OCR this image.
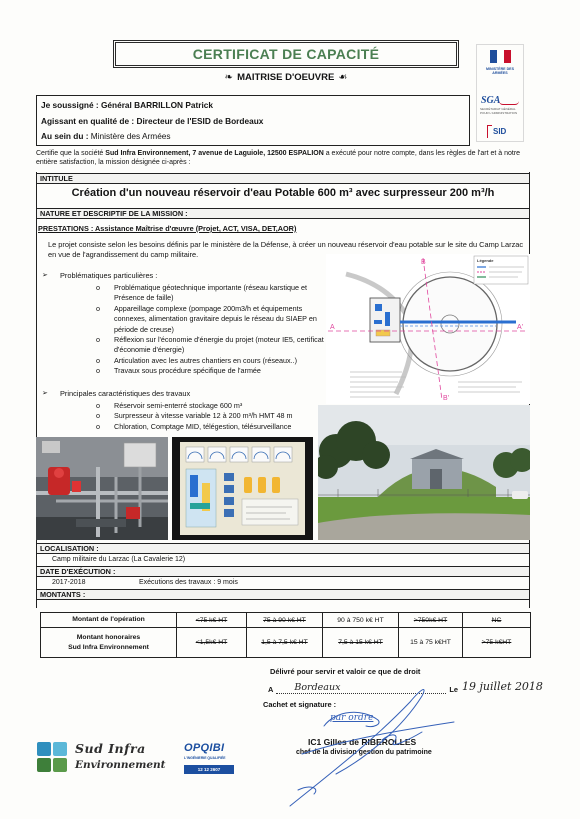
CERTIFICAT DE CAPACITÉ
❧ MAITRISE D'OEUVRE ☙
MINISTÈRE DES ARMÉES
SGA
SECRÉTARIAT GÉNÉRAL POUR L'ADMINISTRATION
SID
Je soussigné : Général BARRILLON Patrick
Agissant en qualité de : Directeur de l'ESID de Bordeaux
Au sein du : Ministère des Armées
Certifie que la société Sud Infra Environnement, 7 avenue de Laguiole, 12500 ESPALION a exécuté pour notre compte, dans les règles de l'art et à notre entière satisfaction, la mission désignée ci-après :
INTITULE
Création d'un nouveau réservoir d'eau Potable 600 m³ avec surpresseur 200 m³/h
NATURE ET DESCRIPTIF DE LA MISSION :
PRESTATIONS : Assistance Maîtrise d'œuvre (Projet, ACT, VISA, DET,AOR)
Le projet consiste selon les besoins définis par le ministère de la Défense, à créer un nouveau réservoir d'eau potable sur le site du Camp Larzac en vue de l'agrandissement du camp militaire.
➢	Problématiques particulières :
o	Problématique géotechnique importante (réseau karstique et Présence de faille)
o	Appareillage complexe (pompage 200m3/h et équipements connexes, alimentation gravitaire depuis le réseau du SIAEP en période de creuse)
o	Réflexion sur l'économie d'énergie du projet (moteur IE5, certificat d'économie d'énergie)
o	Articulation avec les autres chantiers en cours (réseaux..)
o	Travaux sous procédure spécifique de l'armée
➢	Principales caractéristiques des travaux
o	Réservoir semi-enterré stockage 600 m³
o	Surpresseur à vitesse variable 12 à 200 m³/h HMT 48 m
o	Chloration, Comptage MID, télégestion, télésurveillance
A	A'
B
B'
Légende
LOCALISATION :
Camp militaire du Larzac (La Cavalerie 12)
DATE D'EXÉCUTION :
2017-2018	Exécutions des travaux : 9 mois
MONTANTS :
Montant de l'opération	<75 k€ HT	75 à 90 k€ HT	90 à 750 k€ HT	>750k€ HT	NC

Montant honoraires
Sud Infra Environnement	<1,5k€ HT	1,5 à 7,5 k€ HT	7,5 à 15 k€ HT	15 à 75 k€HT	>75 k€HT
Délivré pour servir et valoir ce que de droit
A Bordeaux	Le 19 juillet 2018
Cachet et signature :
par ordre
IC1 Gilles de RIBEROLLES
chef de la division gestion du patrimoine
Sud Infra
Environnement
OPQIBI
L'INGÉNIERIE QUALIFIÉE
12 12 2607
